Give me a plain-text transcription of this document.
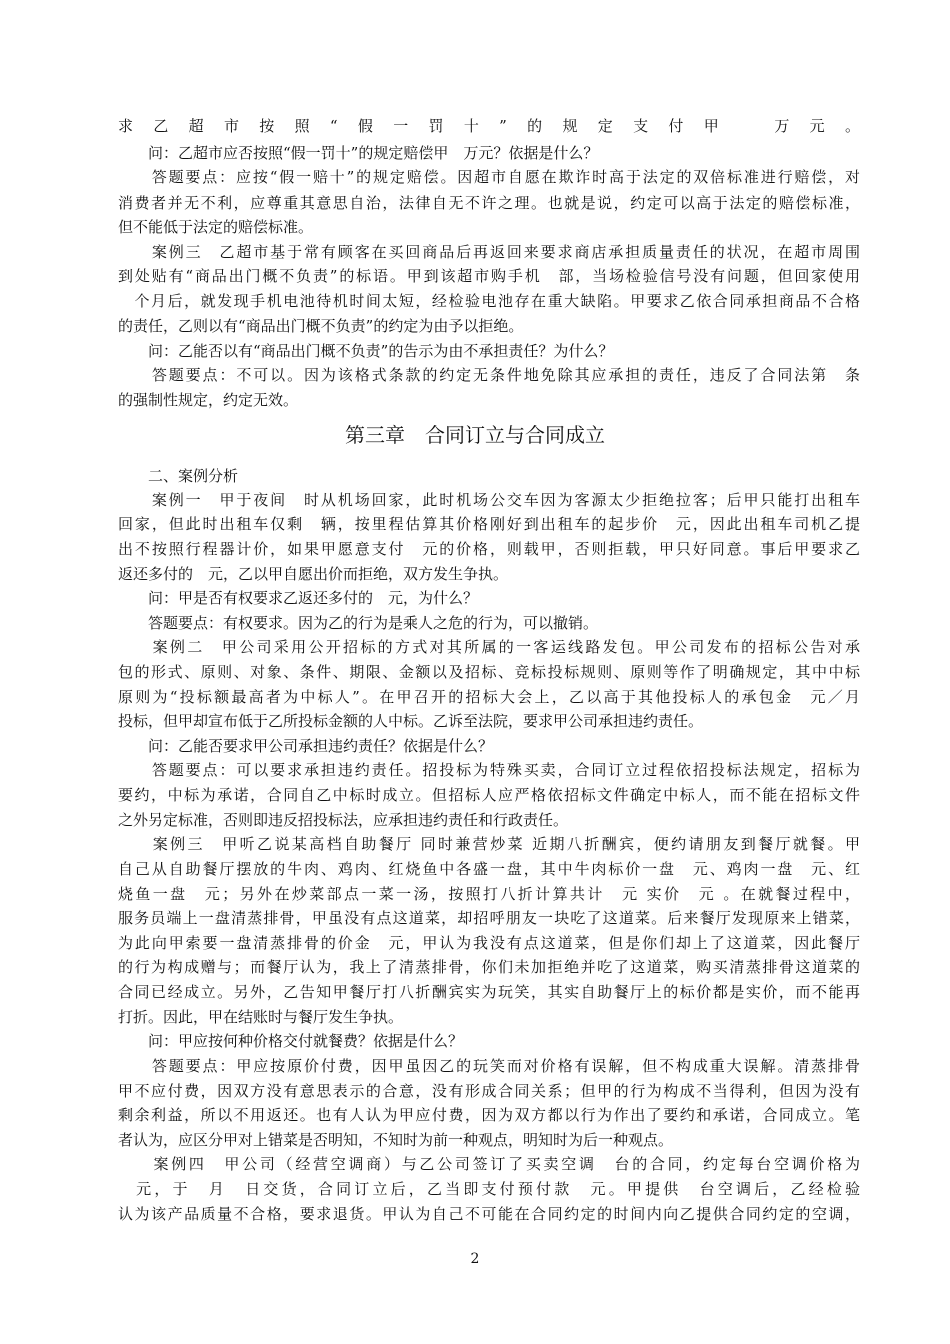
求乙超市按照“假一罚十”的规定支付甲　万元。
　　问：乙超市应否按照“假一罚十”的规定赔偿甲　万元？依据是什么？
　　答题要点：应按“假一赔十”的规定赔偿。因超市自愿在欺诈时高于法定的双倍标准进行赔偿，对
消费者并无不利，应尊重其意思自治，法律自无不许之理。也就是说，约定可以高于法定的赔偿标准，
但不能低于法定的赔偿标准。
　　案例三　乙超市基于常有顾客在买回商品后再返回来要求商店承担质量责任的状况，在超市周围
到处贴有“商品出门概不负责”的标语。甲到该超市购手机　部，当场检验信号没有问题，但回家使用
　个月后，就发现手机电池待机时间太短，经检验电池存在重大缺陷。甲要求乙依合同承担商品不合格
的责任，乙则以有“商品出门概不负责”的约定为由予以拒绝。
　　问：乙能否以有“商品出门概不负责”的告示为由不承担责任？为什么？
　　答题要点：不可以。因为该格式条款的约定无条件地免除其应承担的责任，违反了合同法第　条
的强制性规定，约定无效。
第三章　合同订立与合同成立
　　二、案例分析
　　案例一　甲于夜间　时从机场回家，此时机场公交车因为客源太少拒绝拉客；后甲只能打出租车
回家，但此时出租车仅剩　辆，按里程估算其价格刚好到出租车的起步价　元，因此出租车司机乙提
出不按照行程器计价，如果甲愿意支付　元的价格，则载甲，否则拒载，甲只好同意。事后甲要求乙
返还多付的　元，乙以甲自愿出价而拒绝，双方发生争执。
　　问：甲是否有权要求乙返还多付的　元，为什么？
　　答题要点：有权要求。因为乙的行为是乘人之危的行为，可以撤销。
　　案例二　甲公司采用公开招标的方式对其所属的一客运线路发包。甲公司发布的招标公告对承
包的形式、原则、对象、条件、期限、金额以及招标、竞标投标规则、原则等作了明确规定，其中中标
原则为“投标额最高者为中标人”。在甲召开的招标大会上，乙以高于其他投标人的承包金　元／月
投标，但甲却宣布低于乙所投标金额的人中标。乙诉至法院，要求甲公司承担违约责任。
　　问：乙能否要求甲公司承担违约责任？依据是什么？
　　答题要点：可以要求承担违约责任。招投标为特殊买卖，合同订立过程依招投标法规定，招标为
要约，中标为承诺，合同自乙中标时成立。但招标人应严格依招标文件确定中标人，而不能在招标文件
之外另定标准，否则即违反招投标法，应承担违约责任和行政责任。
　　案例三　甲听乙说某高档自助餐厅 同时兼营炒菜 近期八折酬宾，便约请朋友到餐厅就餐。甲
自己从自助餐厅摆放的牛肉、鸡肉、红烧鱼中各盛一盘，其中牛肉标价一盘　元、鸡肉一盘　元、红
烧鱼一盘　元；另外在炒菜部点一菜一汤，按照打八折计算共计　元 实价　元 。在就餐过程中，
服务员端上一盘清蒸排骨，甲虽没有点这道菜，却招呼朋友一块吃了这道菜。后来餐厅发现原来上错菜，
为此向甲索要一盘清蒸排骨的价金　元，甲认为我没有点这道菜，但是你们却上了这道菜，因此餐厅
的行为构成赠与；而餐厅认为，我上了清蒸排骨，你们未加拒绝并吃了这道菜，购买清蒸排骨这道菜的
合同已经成立。另外，乙告知甲餐厅打八折酬宾实为玩笑，其实自助餐厅上的标价都是实价，而不能再
打折。因此，甲在结账时与餐厅发生争执。
　　问：甲应按何种价格交付就餐费？依据是什么？
　　答题要点：甲应按原价付费，因甲虽因乙的玩笑而对价格有误解，但不构成重大误解。清蒸排骨
甲不应付费，因双方没有意思表示的合意，没有形成合同关系；但甲的行为构成不当得利，但因为没有
剩余利益，所以不用返还。也有人认为甲应付费，因为双方都以行为作出了要约和承诺，合同成立。笔
者认为，应区分甲对上错菜是否明知，不知时为前一种观点，明知时为后一种观点。
　　案例四　甲公司（经营空调商）与乙公司签订了买卖空调　台的合同，约定每台空调价格为
　元，于　月　日交货，合同订立后，乙当即支付预付款　元。甲提供　台空调后，乙经检验
认为该产品质量不合格，要求退货。甲认为自己不可能在合同约定的时间内向乙提供合同约定的空调，
2
